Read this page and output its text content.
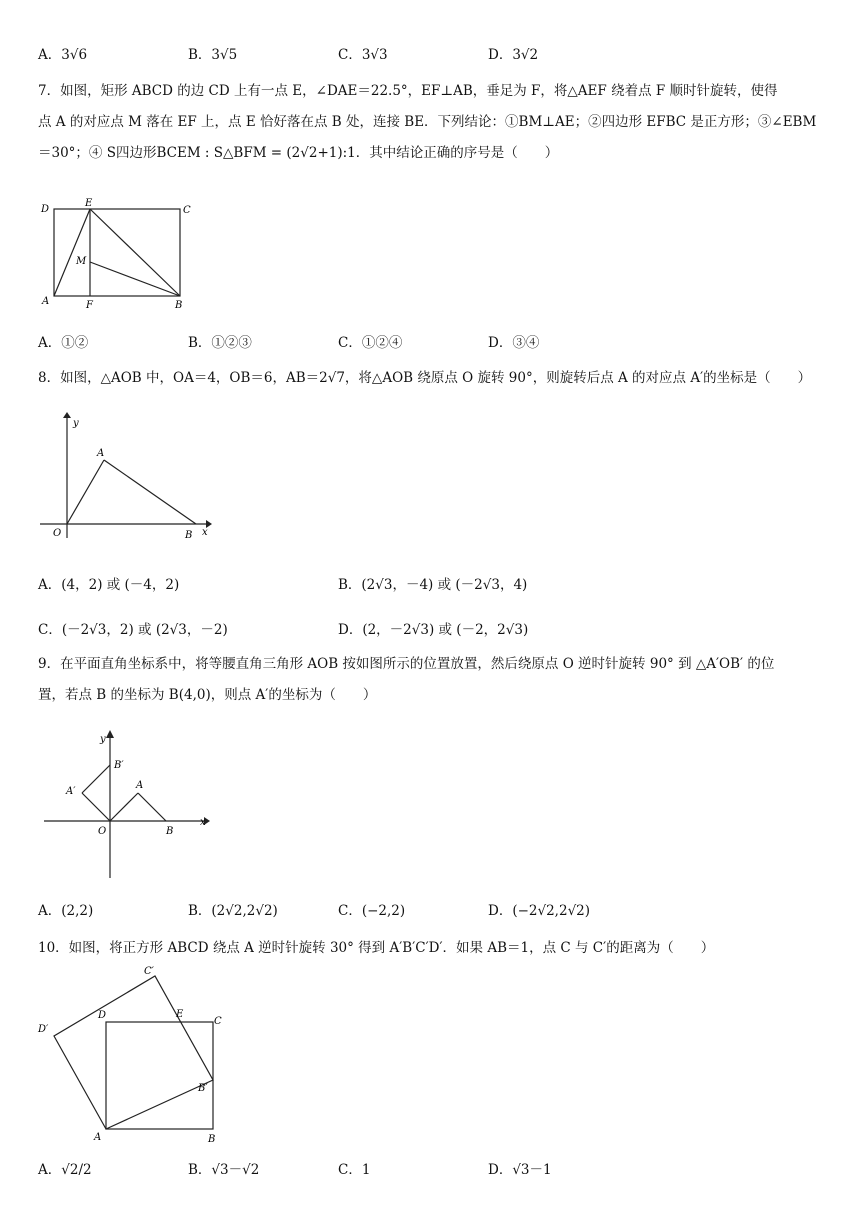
A．3√6	B．3√5	C．3√3	D．3√2
7．如图，矩形 ABCD 的边 CD 上有一点 E，∠DAE＝22.5°，EF⊥AB，垂足为 F，将△AEF 绕着点 F 顺时针旋转，使得
点 A 的对应点 M 落在 EF 上，点 E 恰好落在点 B 处，连接 BE．下列结论：①BM⊥AE；②四边形 EFBC 是正方形；③∠EBM
＝30°；④ S四边形BCEM : S△BFM = (2√2+1):1．其中结论正确的序号是（　　）
D
E
C
M
A	F	B
A．①②	B．①②③	C．①②④	D．③④
8．如图，△AOB 中，OA＝4，OB＝6，AB＝2√7，将△AOB 绕原点 O 旋转 90°，则旋转后点 A 的对应点 A′的坐标是（　　）
y
A
O	B x
A．(4，2) 或 (－4，2)	B．(2√3，－4) 或 (－2√3，4)
C．(－2√3，2) 或 (2√3，－2)	D．(2，－2√3) 或 (－2，2√3)
9．在平面直角坐标系中，将等腰直角三角形 AOB 按如图所示的位置放置，然后绕原点 O 逆时针旋转 90° 到 △A′OB′ 的位
置，若点 B 的坐标为 B(4,0)，则点 A′的坐标为（　　）
y
B′
A′
A
O	B
x
A．(2,2)	B．(2√2,2√2)	C．(−2,2)	D．(−2√2,2√2)
10．如图，将正方形 ABCD 绕点 A 逆时针旋转 30° 得到 A′B′C′D′．如果 AB＝1，点 C 与 C′的距离为（　　）
C′
D′
D	E
C
B′
A	B
A．√2/2	B．√3－√2	C．1	D．√3－1
